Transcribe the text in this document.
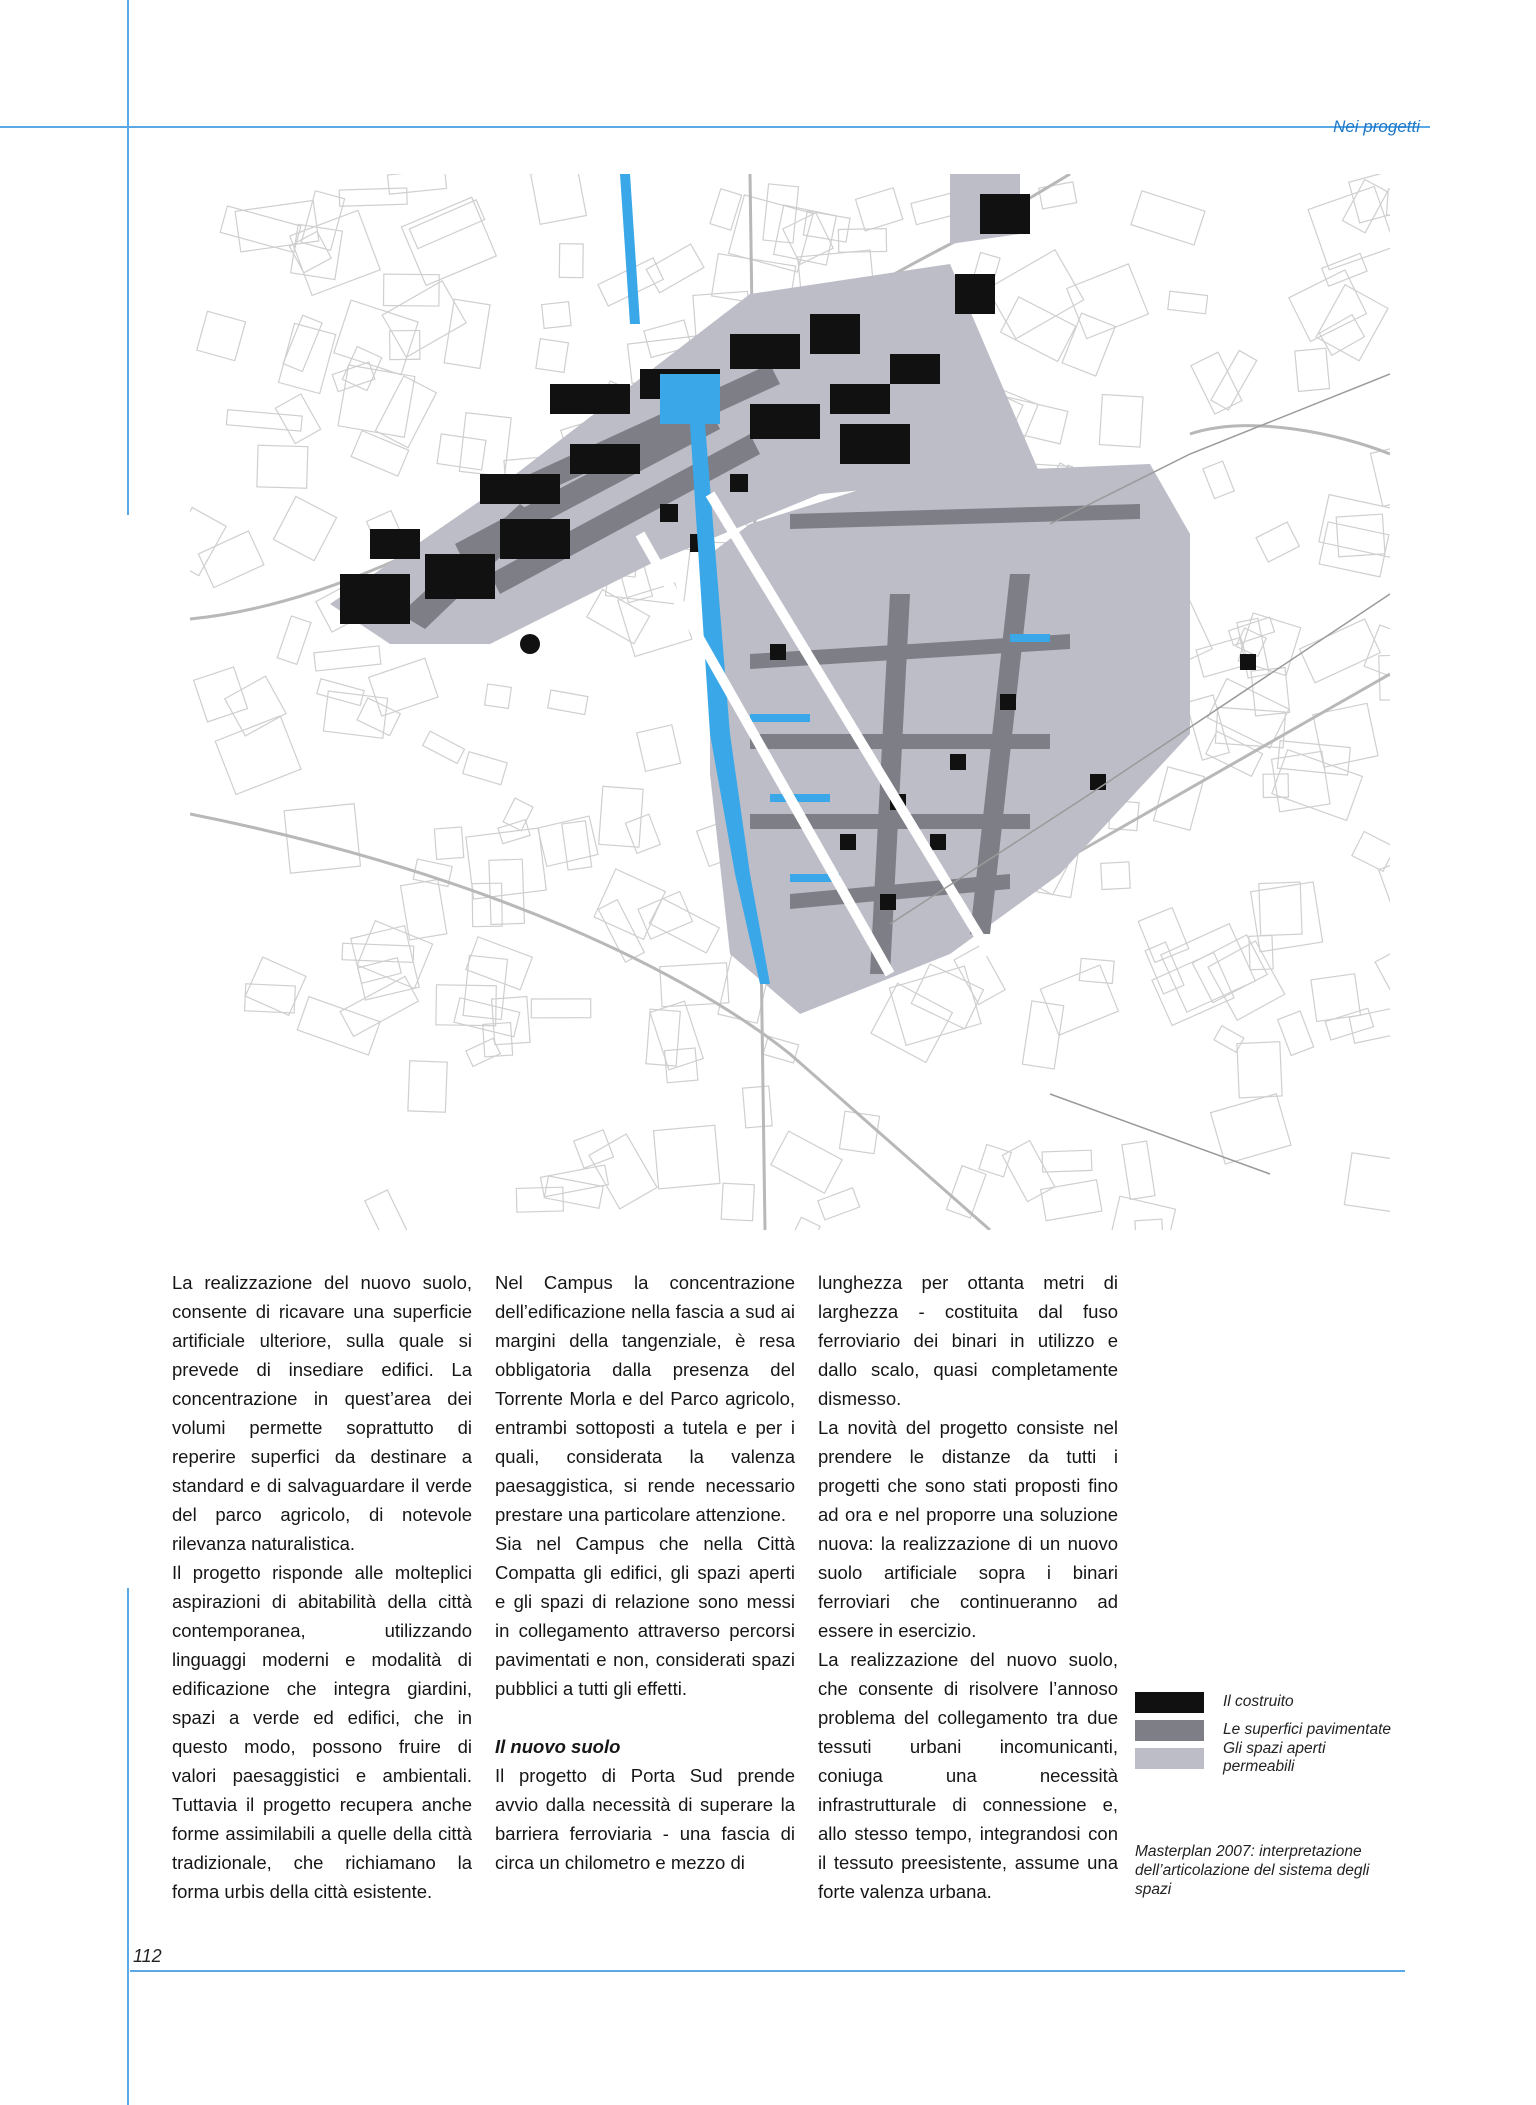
Nei progetti

La realizzazione del nuovo suolo, consente di ricavare una superficie artificiale ulteriore, sulla quale si prevede di insediare edifici. La concentrazione in quest’area dei volumi permette soprattutto di reperire superfici da destinare a standard e di salvaguardare il verde del parco agricolo, di notevole rilevanza naturalistica.

Il progetto risponde alle molteplici aspirazioni di abitabilità della città contemporanea, utilizzando linguaggi moderni e modalità di edificazione che integra giardini, spazi a verde ed edifici, che in questo modo, possono fruire di valori paesaggistici e ambientali. Tuttavia il progetto recupera anche forme assimilabili a quelle della città tradizionale, che richiamano la forma urbis della città esistente.

Nel Campus la concentrazione dell’edificazione nella fascia a sud ai margini della tangenziale, è resa obbligatoria dalla presenza del Torrente Morla e del Parco agricolo, entrambi sottoposti a tutela e per i quali, considerata la valenza paesaggistica, si rende necessario prestare una particolare attenzione.

Sia nel Campus che nella Città Compatta gli edifici, gli spazi aperti e gli spazi di relazione sono messi in collegamento attraverso percorsi pavimentati e non, considerati spazi pubblici a tutti gli effetti.

Il nuovo suolo

Il progetto di Porta Sud prende avvio dalla necessità di superare la barriera ferroviaria - una fascia di circa un chilometro e mezzo di

lunghezza per ottanta metri di larghezza - costituita dal fuso ferroviario dei binari in utilizzo e dallo scalo, quasi completamente dismesso.

La novità del progetto consiste nel prendere le distanze da tutti i progetti che sono stati proposti fino ad ora e nel proporre una soluzione nuova: la realizzazione di un nuovo suolo artificiale sopra i binari ferroviari che continueranno ad essere in esercizio.

La realizzazione del nuovo suolo, che consente di risolvere l’annoso problema del collegamento tra due tessuti urbani incomunicanti, coniuga una necessità infrastrutturale di connessione e, allo stesso tempo, integrandosi con il tessuto preesistente, assume una forte valenza urbana.

Il costruito
Le superfici pavimentate
Gli spazi aperti permeabili
Masterplan 2007: interpretazione dell’articolazione del sistema degli spazi
112
